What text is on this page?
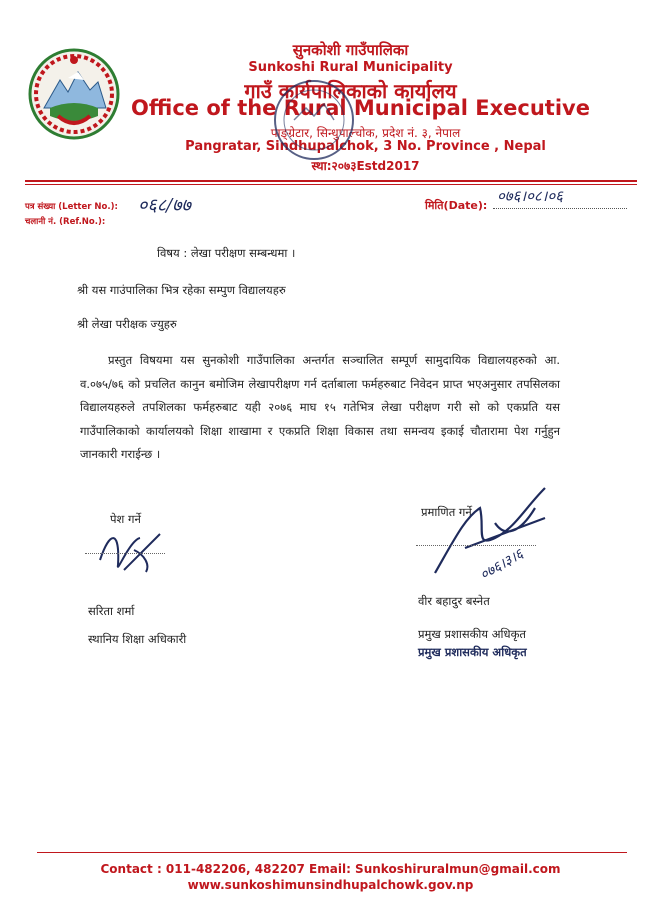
सुनकोशी गाउँपालिका
Sunkoshi Rural Municipality
गाउँ कार्यपालिकाको कार्यालय
Office of the Rural Municipal Executive
पाङ्ग्रेटार, सिन्धुपाल्चोक, प्रदेश नं. ३, नेपाल
Pangratar, Sindhupalchok, 3 No. Province , Nepal
स्था:२०७३Estd2017
पत्र संख्या (Letter No.): ०६८/७७
चलानी नं. (Ref.No.):
मिति(Date):
०७६।०८।०६
विषय : लेखा परीक्षण सम्बन्धमा ।
श्री यस गाउंपालिका भित्र रहेका सम्पुण विद्यालयहरु
श्री लेखा परीक्षक ज्युहरु
प्रस्तुत विषयमा यस सुनकोशी गाउँपालिका अन्तर्गत सञ्चालित सम्पूर्ण सामुदायिक विद्यालयहरुको आ. व.०७५/७६ को प्रचलित कानुन बमोजिम लेखापरीक्षण गर्न दर्ताबाला फर्महरुबाट निवेदन प्राप्त भएअनुसार तपसिलका विद्यालयहरुले तपशिलका फर्महरुबाट यही २०७६ माघ १५ गतेभित्र लेखा परीक्षण गरी सो को एकप्रति यस गाउँपालिकाको कार्यालयको शिक्षा शाखामा र एकप्रति शिक्षा विकास तथा समन्वय इकाई चौतारामा पेश गर्नुहुन जानकारी गराईन्छ ।
पेश गर्ने
सरिता शर्मा
स्थानिय शिक्षा अधिकारी
प्रमाणित गर्ने
०७६।३।६
वीर बहादुर बस्नेत
प्रमुख प्रशासकीय अधिकृत
प्रमुख प्रशासकीय अधिकृत
Contact : 011-482206, 482207 Email: Sunkoshiruralmun@gmail.com
www.sunkoshimunsindhupalchowk.gov.np
